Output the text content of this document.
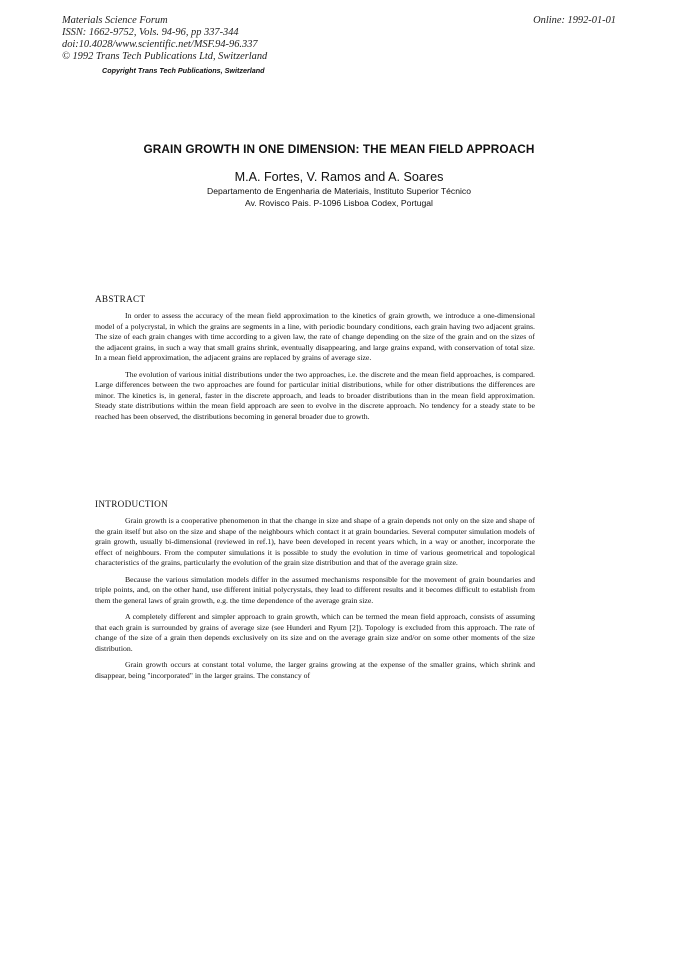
Materials Science Forum
ISSN: 1662-9752, Vols. 94-96, pp 337-344
doi:10.4028/www.scientific.net/MSF.94-96.337
© 1992 Trans Tech Publications Ltd, Switzerland
Online: 1992-01-01
Copyright Trans Tech Publications, Switzerland
GRAIN GROWTH IN ONE DIMENSION: THE MEAN FIELD APPROACH
M.A. Fortes, V. Ramos and A. Soares
Departamento de Engenharia de Materiais, Instituto Superior Técnico
Av. Rovisco Pais. P-1096 Lisboa Codex, Portugal
ABSTRACT

In order to assess the accuracy of the mean field approximation to the kinetics of grain growth, we introduce a one-dimensional model of a polycrystal, in which the grains are segments in a line, with periodic boundary conditions, each grain having two adjacent grains. The size of each grain changes with time according to a given law, the rate of change depending on the size of the grain and on the sizes of the adjacent grains, in such a way that small grains shrink, eventually disappearing, and large grains expand, with conservation of total size. In a mean field approximation, the adjacent grains are replaced by grains of average size.

The evolution of various initial distributions under the two approaches, i.e. the discrete and the mean field approaches, is compared. Large differences between the two approaches are found for particular initial distributions, while for other distributions the differences are minor. The kinetics is, in general, faster in the discrete approach, and leads to broader distributions than in the mean field approximation. Steady state distributions within the mean field approach are seen to evolve in the discrete approach. No tendency for a steady state to be reached has been observed, the distributions becoming in general broader due to growth.

INTRODUCTION

Grain growth is a cooperative phenomenon in that the change in size and shape of a grain depends not only on the size and shape of the grain itself but also on the size and shape of the neighbours which contact it at grain boundaries. Several computer simulation models of grain growth, usually bi-dimensional (reviewed in ref.1), have been developed in recent years which, in a way or another, incorporate the effect of neighbours. From the computer simulations it is possible to study the evolution in time of various geometrical and topological characteristics of the grains, particularly the evolution of the grain size distribution and that of the average grain size.

Because the various simulation models differ in the assumed mechanisms responsible for the movement of grain boundaries and triple points, and, on the other hand, use different initial polycrystals, they lead to different results and it becomes difficult to establish from them the general laws of grain growth, e.g. the time dependence of the average grain size.

A completely different and simpler approach to grain growth, which can be termed the mean field approach, consists of assuming that each grain is surrounded by grains of average size (see Hunderi and Ryum [2]). Topology is excluded from this approach. The rate of change of the size of a grain then depends exclusively on its size and on the average grain size and/or on some other moments of the size distribution.

Grain growth occurs at constant total volume, the larger grains growing at the expense of the smaller grains, which shrink and disappear, being "incorporated" in the larger grains. The constancy of
